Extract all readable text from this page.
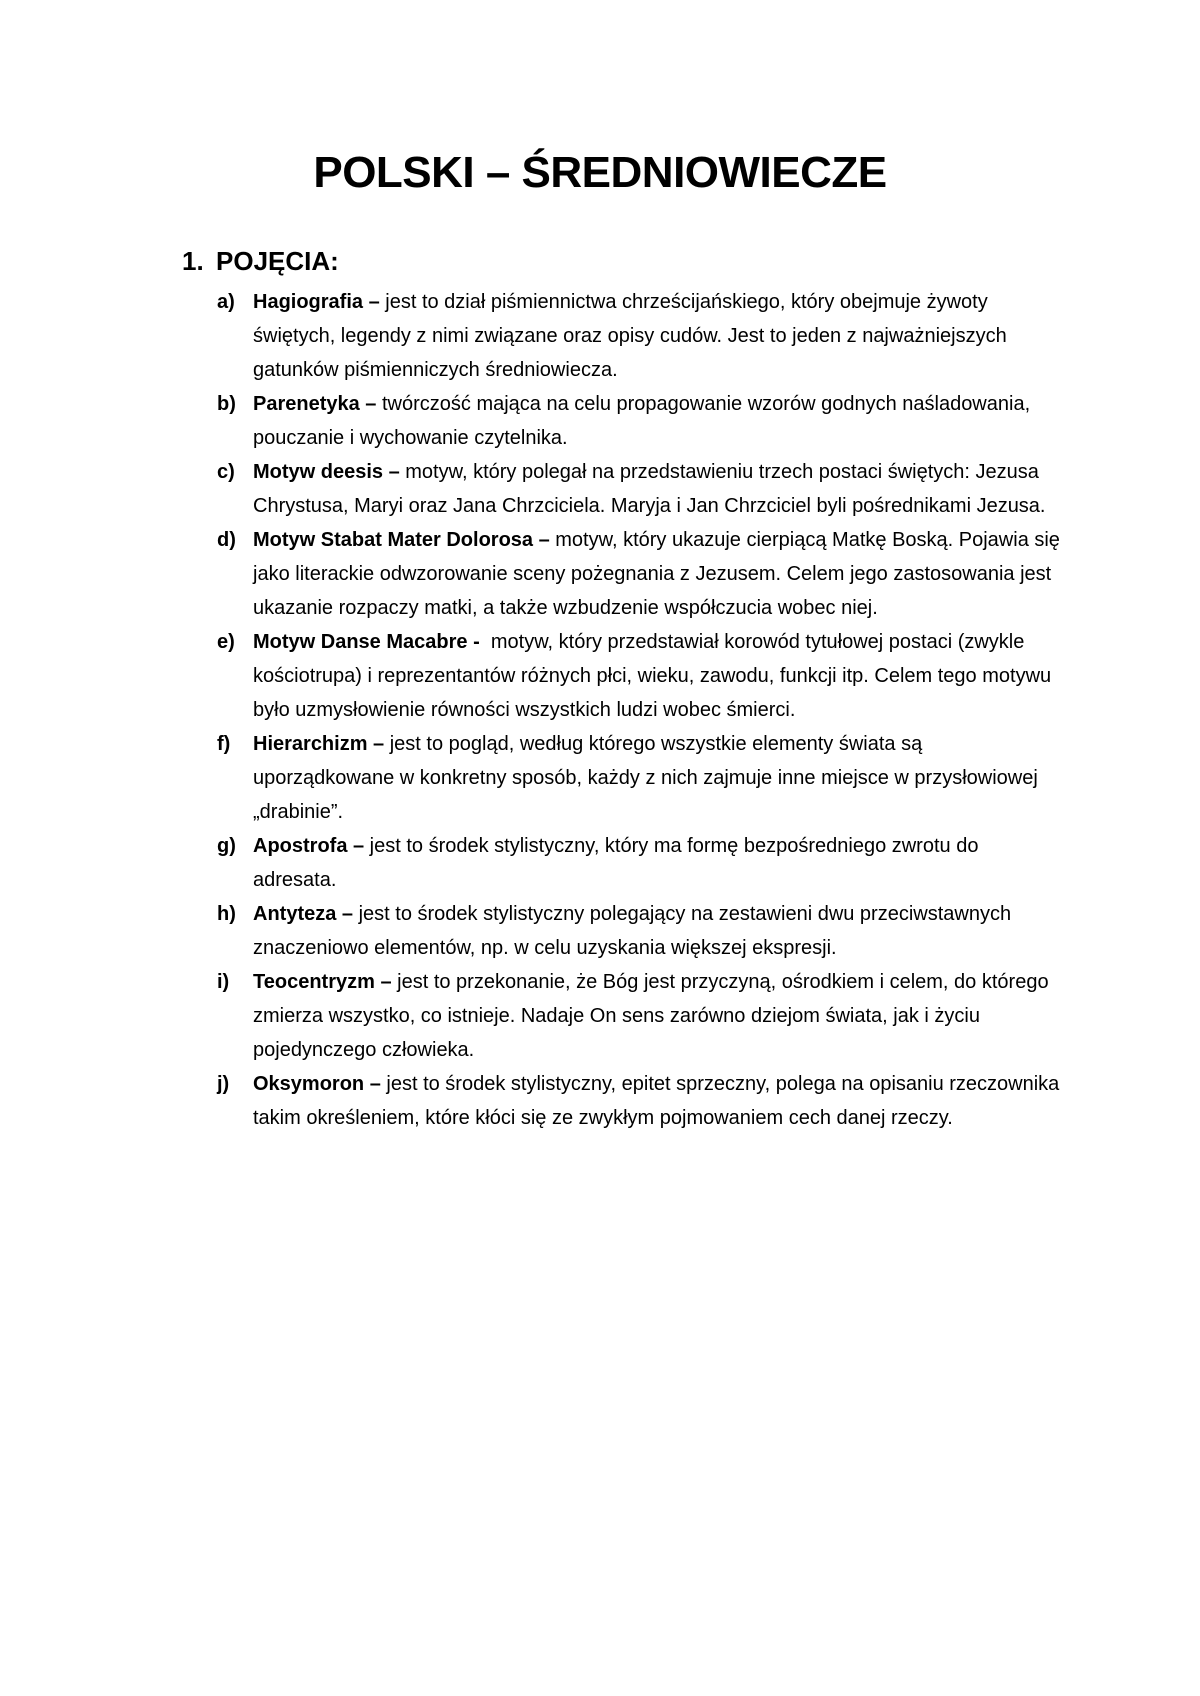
POLSKI – ŚREDNIOWIECZE
1. POJĘCIA:
a) Hagiografia – jest to dział piśmiennictwa chrześcijańskiego, który obejmuje żywoty świętych, legendy z nimi związane oraz opisy cudów. Jest to jeden z najważniejszych gatunków piśmienniczych średniowiecza.
b) Parenetyka – twórczość mająca na celu propagowanie wzorów godnych naśladowania, pouczanie i wychowanie czytelnika.
c) Motyw deesis – motyw, który polegał na przedstawieniu trzech postaci świętych: Jezusa Chrystusa, Maryi oraz Jana Chrzciciela. Maryja i Jan Chrzciciel byli pośrednikami Jezusa.
d) Motyw Stabat Mater Dolorosa – motyw, który ukazuje cierpiącą Matkę Boską. Pojawia się jako literackie odwzorowanie sceny pożegnania z Jezusem. Celem jego zastosowania jest ukazanie rozpaczy matki, a także wzbudzenie współczucia wobec niej.
e) Motyw Danse Macabre -  motyw, który przedstawiał korowód tytułowej postaci (zwykle kościotrupa) i reprezentantów różnych płci, wieku, zawodu, funkcji itp. Celem tego motywu było uzmysłowienie równości wszystkich ludzi wobec śmierci.
f) Hierarchizm – jest to pogląd, według którego wszystkie elementy świata są uporządkowane w konkretny sposób, każdy z nich zajmuje inne miejsce w przysłowiowej „drabinie”.
g) Apostrofa – jest to środek stylistyczny, który ma formę bezpośredniego zwrotu do adresata.
h) Antyteza – jest to środek stylistyczny polegający na zestawieni dwu przeciwstawnych znaczeniowo elementów, np. w celu uzyskania większej ekspresji.
i) Teocentryzm – jest to przekonanie, że Bóg jest przyczyną, ośrodkiem i celem, do którego zmierza wszystko, co istnieje. Nadaje On sens zarówno dziejom świata, jak i życiu pojedynczego człowieka.
j) Oksymoron – jest to środek stylistyczny, epitet sprzeczny, polega na opisaniu rzeczownika takim określeniem, które kłóci się ze zwykłym pojmowaniem cech danej rzeczy.
